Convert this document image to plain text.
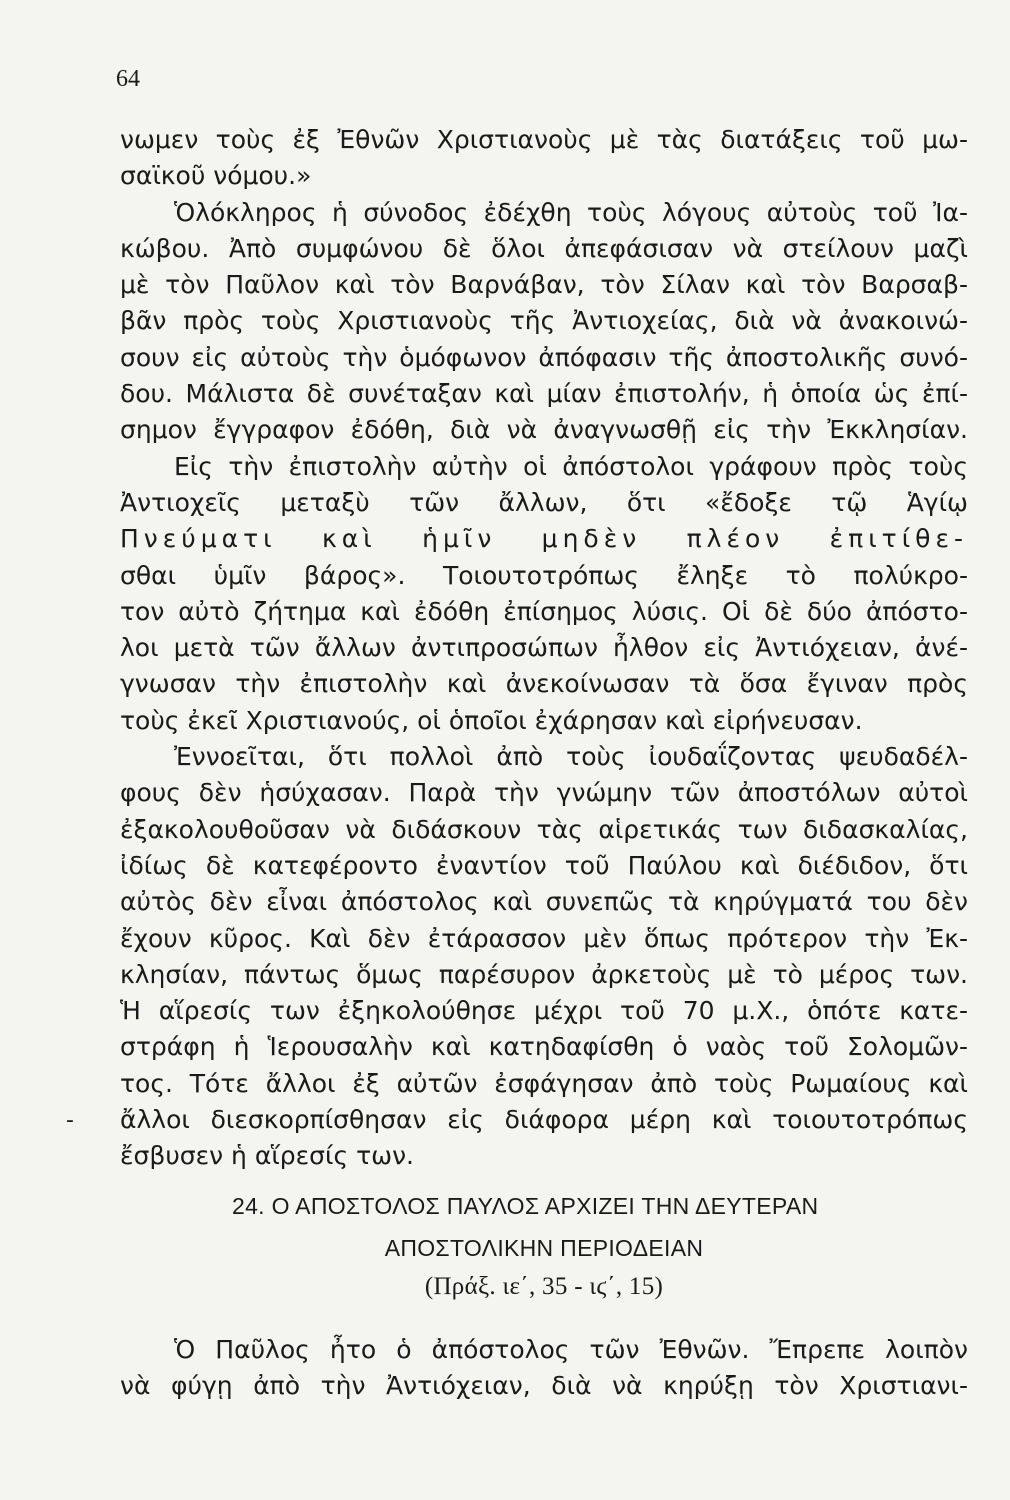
64
νωμεν τοὺς ἐξ Ἐθνῶν Χριστιανοὺς μὲ τὰς διατάξεις τοῦ μω-
σαϊκοῦ νόμου.»
Ὁλόκληρος ἡ σύνοδος ἐδέχθη τοὺς λόγους αὐτοὺς τοῦ Ἰα-
κώβου. Ἀπὸ συμφώνου δὲ ὅλοι ἀπεφάσισαν νὰ στείλουν μαζὶ
μὲ τὸν Παῦλον καὶ τὸν Βαρνάβαν, τὸν Σίλαν καὶ τὸν Βαρσαβ-
βᾶν πρὸς τοὺς Χριστιανοὺς τῆς Ἀντιοχείας, διὰ νὰ ἀνακοινώ-
σουν εἰς αὐτοὺς τὴν ὁμόφωνον ἀπόφασιν τῆς ἀποστολικῆς συνό-
δου. Μάλιστα δὲ συνέταξαν καὶ μίαν ἐπιστολήν, ἡ ὁποία ὡς ἐπί-
σημον ἔγγραφον ἐδόθη, διὰ νὰ ἀναγνωσθῇ εἰς τὴν Ἐκκλησίαν.
Εἰς τὴν ἐπιστολὴν αὐτὴν οἱ ἀπόστολοι γράφουν πρὸς τοὺς
Ἀντιοχεῖς μεταξὺ τῶν ἄλλων, ὅτι «ἔδοξε τῷ Ἁγίῳ
Πνεύματι καὶ ἡμῖν μηδὲν πλέον ἐπιτίθε-
σθαι ὑμῖν βάρος». Τοιουτοτρόπως ἔληξε τὸ πολύκρο-
τον αὐτὸ ζήτημα καὶ ἐδόθη ἐπίσημος λύσις. Οἱ δὲ δύο ἀπόστο-
λοι μετὰ τῶν ἄλλων ἀντιπροσώπων ἦλθον εἰς Ἀντιόχειαν, ἀνέ-
γνωσαν τὴν ἐπιστολὴν καὶ ἀνεκοίνωσαν τὰ ὅσα ἔγιναν πρὸς
τοὺς ἐκεῖ Χριστιανούς, οἱ ὁποῖοι ἐχάρησαν καὶ εἰρήνευσαν.
Ἐννοεῖται, ὅτι πολλοὶ ἀπὸ τοὺς ἰουδαΐζοντας ψευδαδέλ-
φους δὲν ἡσύχασαν. Παρὰ τὴν γνώμην τῶν ἀποστόλων αὐτοὶ
ἐξακολουθοῦσαν νὰ διδάσκουν τὰς αἱρετικάς των διδασκαλίας,
ἰδίως δὲ κατεφέροντο ἐναντίον τοῦ Παύλου καὶ διέδιδον, ὅτι
αὐτὸς δὲν εἶναι ἀπόστολος καὶ συνεπῶς τὰ κηρύγματά του δὲν
ἔχουν κῦρος. Καὶ δὲν ἐτάρασσον μὲν ὅπως πρότερον τὴν Ἐκ-
κλησίαν, πάντως ὅμως παρέσυρον ἀρκετοὺς μὲ τὸ μέρος των.
Ἡ αἵρεσίς των ἐξηκολούθησε μέχρι τοῦ 70 μ.Χ., ὁπότε κατε-
στράφη ἡ Ἱερουσαλὴν καὶ κατηδαφίσθη ὁ ναὸς τοῦ Σολομῶν-
τος. Τότε ἄλλοι ἐξ αὐτῶν ἐσφάγησαν ἀπὸ τοὺς Ρωμαίους καὶ
ἄλλοι διεσκορπίσθησαν εἰς διάφορα μέρη καὶ τοιουτοτρόπως
ἔσβυσεν ἡ αἵρεσίς των.
-
24. Ο ΑΠΟΣΤΟΛΟΣ ΠΑΥΛΟΣ ΑΡΧΙΖΕΙ ΤΗΝ ΔΕΥΤΕΡΑΝ
ΑΠΟΣΤΟΛΙΚΗΝ ΠΕΡΙΟΔΕΙΑΝ
(Πράξ. ιε΄, 35 - ιϛ΄, 15)
Ὁ Παῦλος ἦτο ὁ ἀπόστολος τῶν Ἐθνῶν. Ἔπρεπε λοιπὸν
νὰ φύγῃ ἀπὸ τὴν Ἀντιόχειαν, διὰ νὰ κηρύξῃ τὸν Χριστιανι-
